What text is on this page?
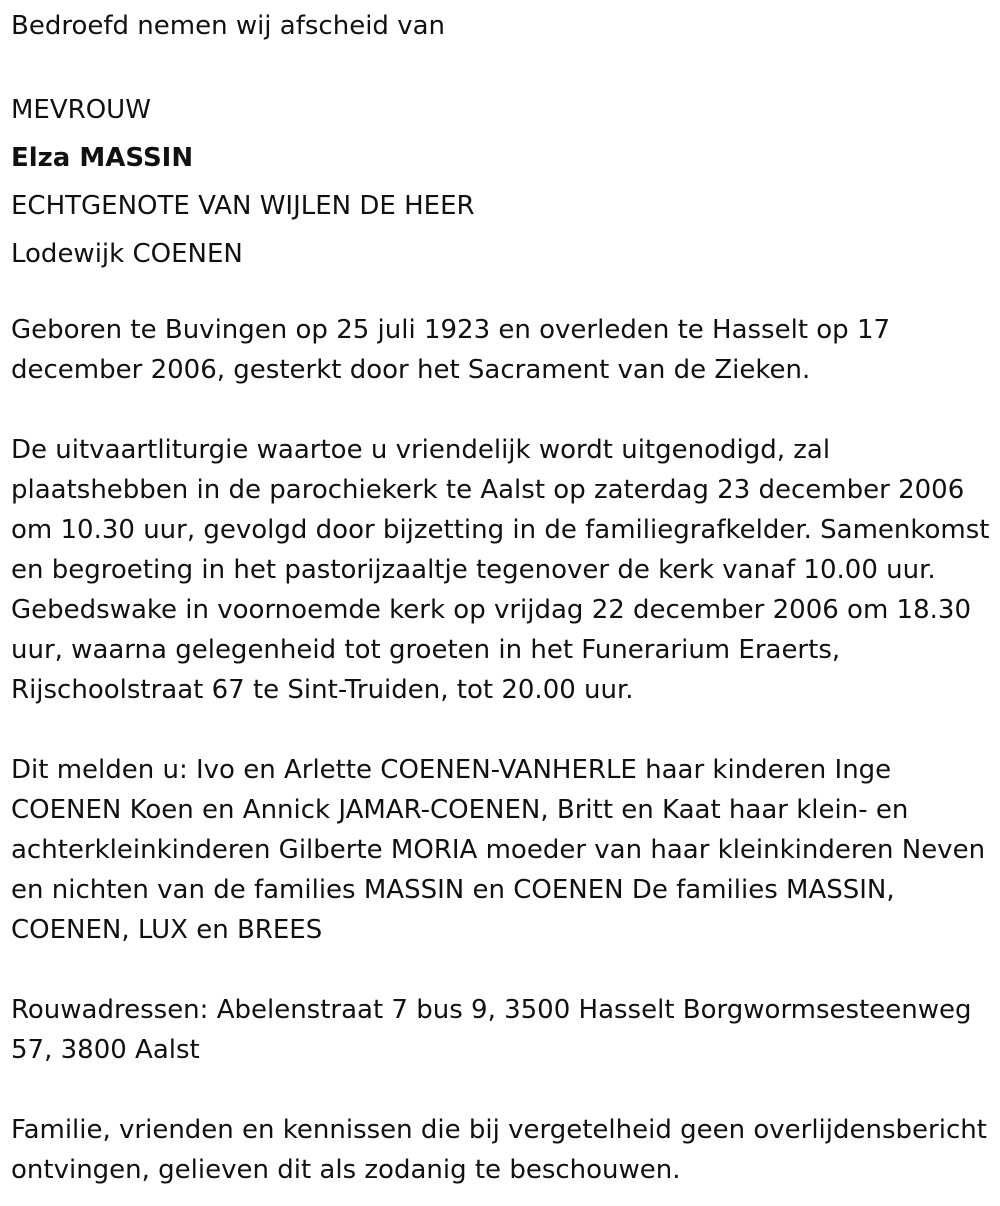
Bedroefd nemen wij afscheid van

MEVROUW

Elza MASSIN

ECHTGENOTE VAN WIJLEN DE HEER

Lodewijk COENEN

Geboren te Buvingen op 25 juli 1923 en overleden te Hasselt op 17 december 2006, gesterkt door het Sacrament van de Zieken.

De uitvaartliturgie waartoe u vriendelijk wordt uitgenodigd, zal plaatshebben in de parochiekerk te Aalst op zaterdag 23 december 2006 om 10.30 uur, gevolgd door bijzetting in de familiegrafkelder. Samenkomst en begroeting in het pastorijzaaltje tegenover de kerk vanaf 10.00 uur. Gebedswake in voornoemde kerk op vrijdag 22 december 2006 om 18.30 uur, waarna gelegenheid tot groeten in het Funerarium Eraerts, Rijschoolstraat 67 te Sint-Truiden, tot 20.00 uur.

Dit melden u: Ivo en Arlette COENEN-VANHERLE haar kinderen Inge COENEN Koen en Annick JAMAR-COENEN, Britt en Kaat haar klein- en achterkleinkinderen Gilberte MORIA moeder van haar kleinkinderen Neven en nichten van de families MASSIN en COENEN De families MASSIN, COENEN, LUX en BREES

Rouwadressen: Abelenstraat 7 bus 9, 3500 Hasselt Borgwormsesteenweg 57, 3800 Aalst

Familie, vrienden en kennissen die bij vergetelheid geen overlijdensbericht ontvingen, gelieven dit als zodanig te beschouwen.
